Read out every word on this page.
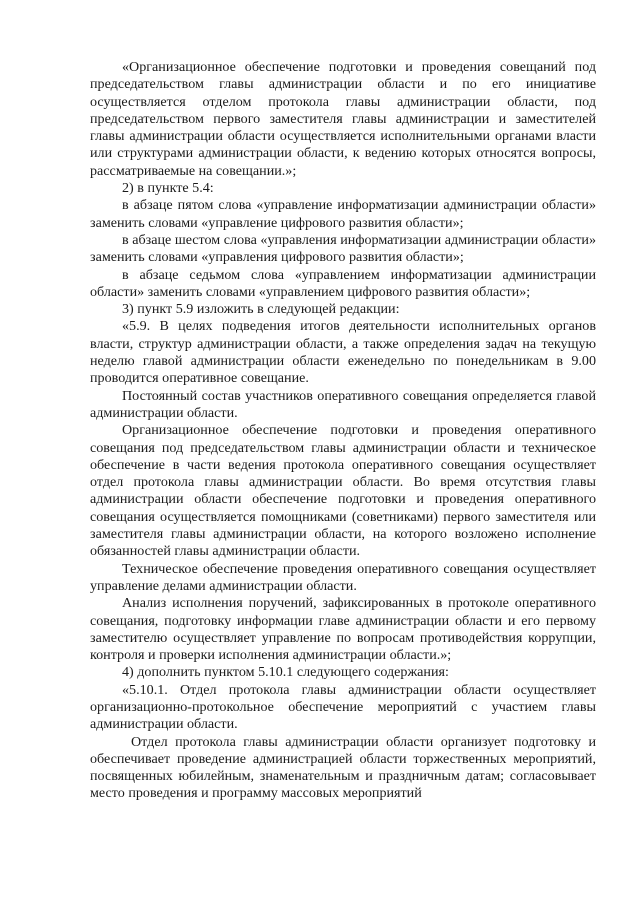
«Организационное обеспечение подготовки и проведения совещаний под председательством главы администрации области и по его инициативе осуществляется отделом протокола главы администрации области, под председательством первого заместителя главы администрации и заместителей главы администрации области осуществляется исполнительными органами власти или структурами администрации области, к ведению которых относятся вопросы, рассматриваемые на совещании.»;

2) в пункте 5.4:

в абзаце пятом слова «управление информатизации администрации области» заменить словами «управление цифрового развития области»;

в абзаце шестом слова «управления информатизации администрации области» заменить словами «управления цифрового развития области»;

в абзаце седьмом слова «управлением информатизации администрации области» заменить словами «управлением цифрового развития области»;

3) пункт 5.9 изложить в следующей редакции:

«5.9. В целях подведения итогов деятельности исполнительных органов власти, структур администрации области, а также определения задач на текущую неделю главой администрации области еженедельно по понедельникам в 9.00 проводится оперативное совещание.

Постоянный состав участников оперативного совещания определяется главой администрации области.

Организационное обеспечение подготовки и проведения оперативного совещания под председательством главы администрации области и техническое обеспечение в части ведения протокола оперативного совещания осуществляет отдел протокола главы администрации области. Во время отсутствия главы администрации области обеспечение подготовки и проведения оперативного совещания осуществляется помощниками (советниками) первого заместителя или заместителя главы администрации области, на которого возложено исполнение обязанностей главы администрации области.

Техническое обеспечение проведения оперативного совещания осуществляет управление делами администрации области.

Анализ исполнения поручений, зафиксированных в протоколе оперативного совещания, подготовку информации главе администрации области и его первому заместителю осуществляет управление по вопросам противодействия коррупции, контроля и проверки исполнения администрации области.»;

4) дополнить пунктом 5.10.1 следующего содержания:

«5.10.1. Отдел протокола главы администрации области осуществляет организационно-протокольное обеспечение мероприятий с участием главы администрации области.

Отдел протокола главы администрации области организует подготовку и обеспечивает проведение администрацией области торжественных мероприятий, посвященных юбилейным, знаменательным и праздничным датам; согласовывает место проведения и программу массовых мероприятий
